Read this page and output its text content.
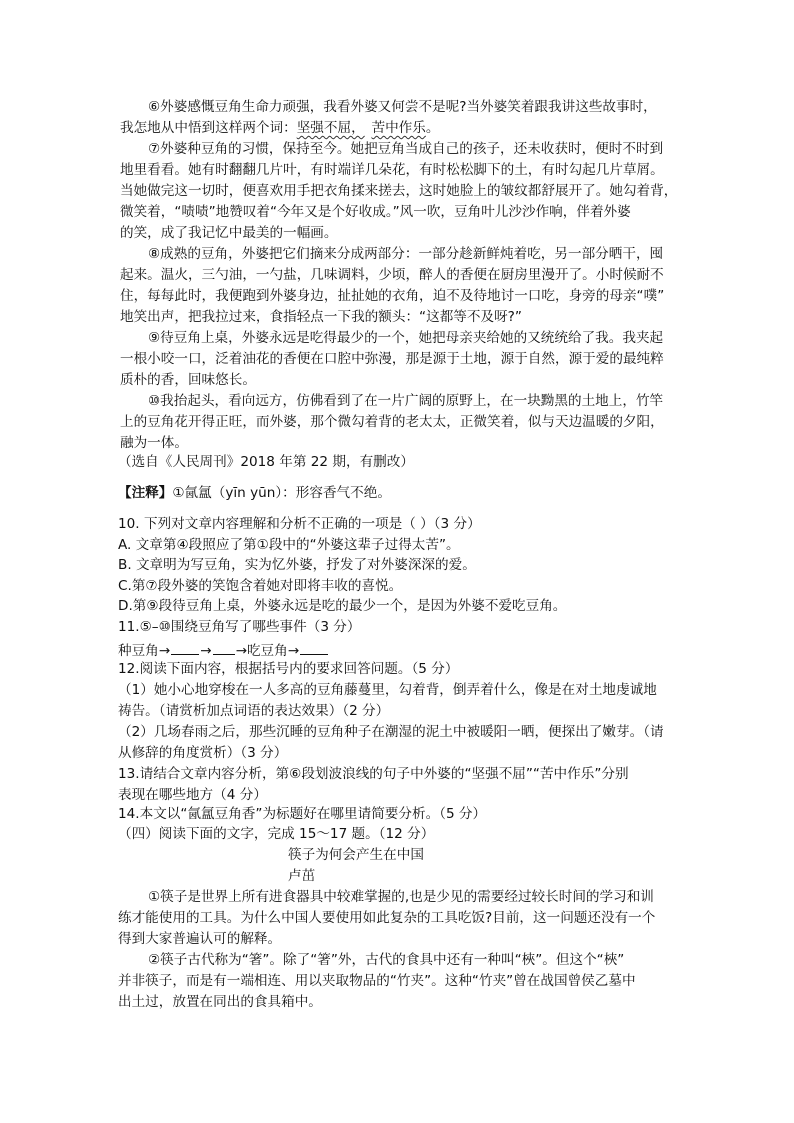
⑥外婆感慨豆角生命力顽强，我看外婆又何尝不是呢?当外婆笑着跟我讲这些故事时，
我怎地从中悟到这样两个词：坚强不屈，  苦中作乐。
⑦外婆种豆角的习惯，保持至今。她把豆角当成自己的孩子，还未收获时，便时不时到
地里看看。她有时翻翻几片叶，有时端详几朵花，有时松松脚下的土，有时勾起几片草屑。
当她做完这一切时，便喜欢用手把衣角揉来搓去，这时她脸上的皱纹都舒展开了。她勾着背，
微笑着，“啧啧”地赞叹着“今年又是个好收成。”风一吹，豆角叶儿沙沙作响，伴着外婆
的笑，成了我记忆中最美的一幅画。
⑧成熟的豆角，外婆把它们摘来分成两部分：一部分趁新鲜炖着吃，另一部分晒干，囤
起来。温火，三勺油，一勺盐，几味调料，少顷，醉人的香便在厨房里漫开了。小时候耐不
住，每每此时，我便跑到外婆身边，扯扯她的衣角，迫不及待地讨一口吃，身旁的母亲“噗”
地笑出声，把我拉过来，食指轻点一下我的额头：“这都等不及呀?”
⑨待豆角上桌，外婆永远是吃得最少的一个，她把母亲夹给她的又统统给了我。我夹起
一根小咬一口，泛着油花的香便在口腔中弥漫，那是源于土地，源于自然，源于爱的最纯粹
质朴的香，回味悠长。
⑩我抬起头，看向远方，仿佛看到了在一片广阔的原野上，在一块黝黑的土地上，竹竿
上的豆角花开得正旺，而外婆，那个微勾着背的老太太，正微笑着，似与天边温暖的夕阳，
融为一体。
（选自《人民周刊》2018 年第 22 期，有删改）
【注释】①氤氲（yīn yūn）：形容香气不绝。
10. 下列对文章内容理解和分析不正确的一项是（ ）（3 分）
A. 文章第④段照应了第①段中的“外婆这辈子过得太苦”。
B. 文章明为写豆角，实为忆外婆，抒发了对外婆深深的爱。
C.第⑦段外婆的笑饱含着她对即将丰收的喜悦。
D.第⑨段待豆角上桌，外婆永远是吃的最少一个，是因为外婆不爱吃豆角。
11.⑤–⑩围绕豆角写了哪些事件（3 分）
种豆角→ → →吃豆角→
12.阅读下面内容，根据括号内的要求回答问题。（5 分）
（1）她小心地穿梭在一人多高的豆角藤蔓里，勾着背，倒弄着什么，像是在对土地虔诚地
祷告。（请赏析加点词语的表达效果）（2 分）
（2）几场春雨之后，那些沉睡的豆角种子在潮湿的泥土中被暖阳一晒，便探出了嫩芽。（请
从修辞的角度赏析）（3 分）
13.请结合文章内容分析，第⑥段划波浪线的句子中外婆的“坚强不屈”“苦中作乐”分别
表现在哪些地方（4 分）
14.本文以“氤氲豆角香”为标题好在哪里请简要分析。（5 分）
（四）阅读下面的文字，完成 15～17 题。（12 分）
筷子为何会产生在中国
卢茁
①筷子是世界上所有进食器具中较难掌握的,也是少见的需要经过较长时间的学习和训
练才能使用的工具。为什么中国人要使用如此复杂的工具吃饭?目前，这一问题还没有一个
得到大家普遍认可的解释。
②筷子古代称为“箸”。除了“箸”外，古代的食具中还有一种叫“梜”。但这个“梜”
并非筷子，而是有一端相连、用以夹取物品的“竹夹”。这种“竹夹”曾在战国曾侯乙墓中
出土过，放置在同出的食具箱中。
